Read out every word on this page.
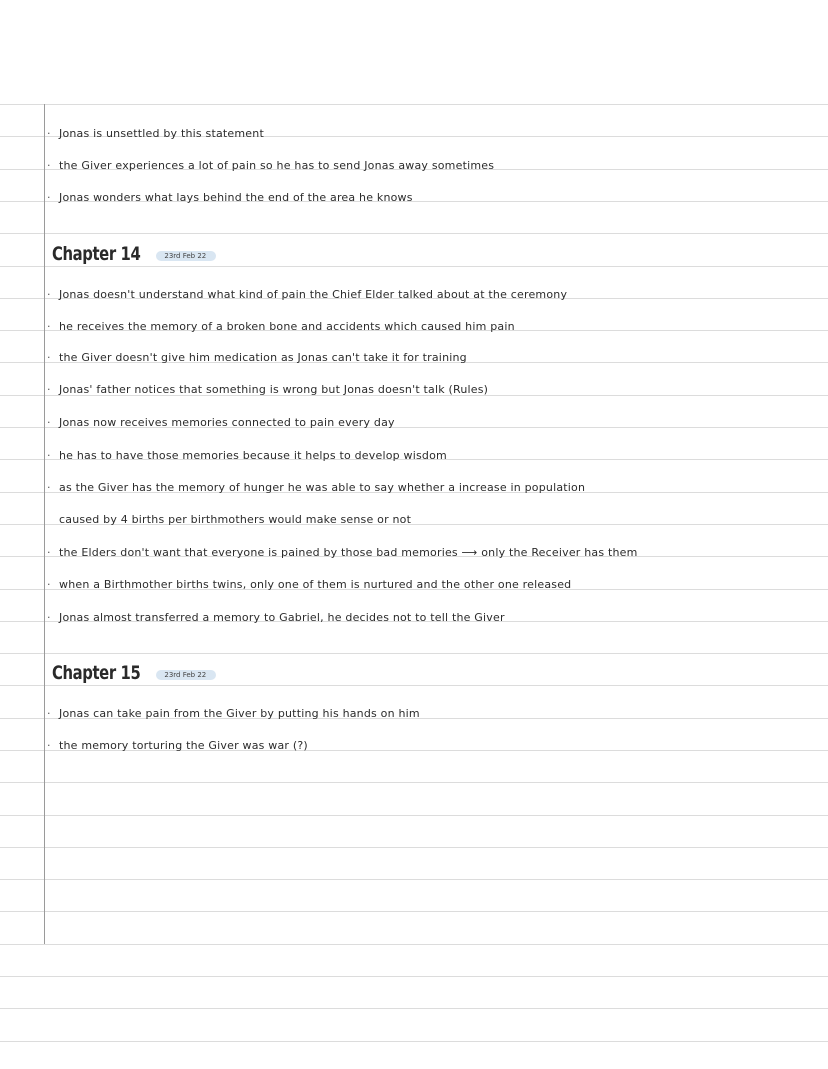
· Jonas is unsettled by this statement
· the Giver experiences a lot of pain so he has to send Jonas away sometimes
· Jonas wonders what lays behind the end of the area he knows
Chapter 14	23rd Feb 22
· Jonas doesn't understand what kind of pain the Chief Elder talked about at the ceremony
· he receives the memory of a broken bone and accidents which caused him pain
· the Giver doesn't give him medication as Jonas can't take it for training
· Jonas' father notices that something is wrong but Jonas doesn't talk (Rules)
· Jonas now receives memories connected to pain every day
· he has to have those memories because it helps to develop wisdom
· as the Giver has the memory of hunger he was able to say whether a increase in population
caused by 4 births per birthmothers would make sense or not
· the Elders don't want that everyone is pained by those bad memories ⟶ only the Receiver has them
· when a Birthmother births twins, only one of them is nurtured and the other one released
· Jonas almost transferred a memory to Gabriel, he decides not to tell the Giver
Chapter 15	23rd Feb 22
· Jonas can take pain from the Giver by putting his hands on him
· the memory torturing the Giver was war (?)
